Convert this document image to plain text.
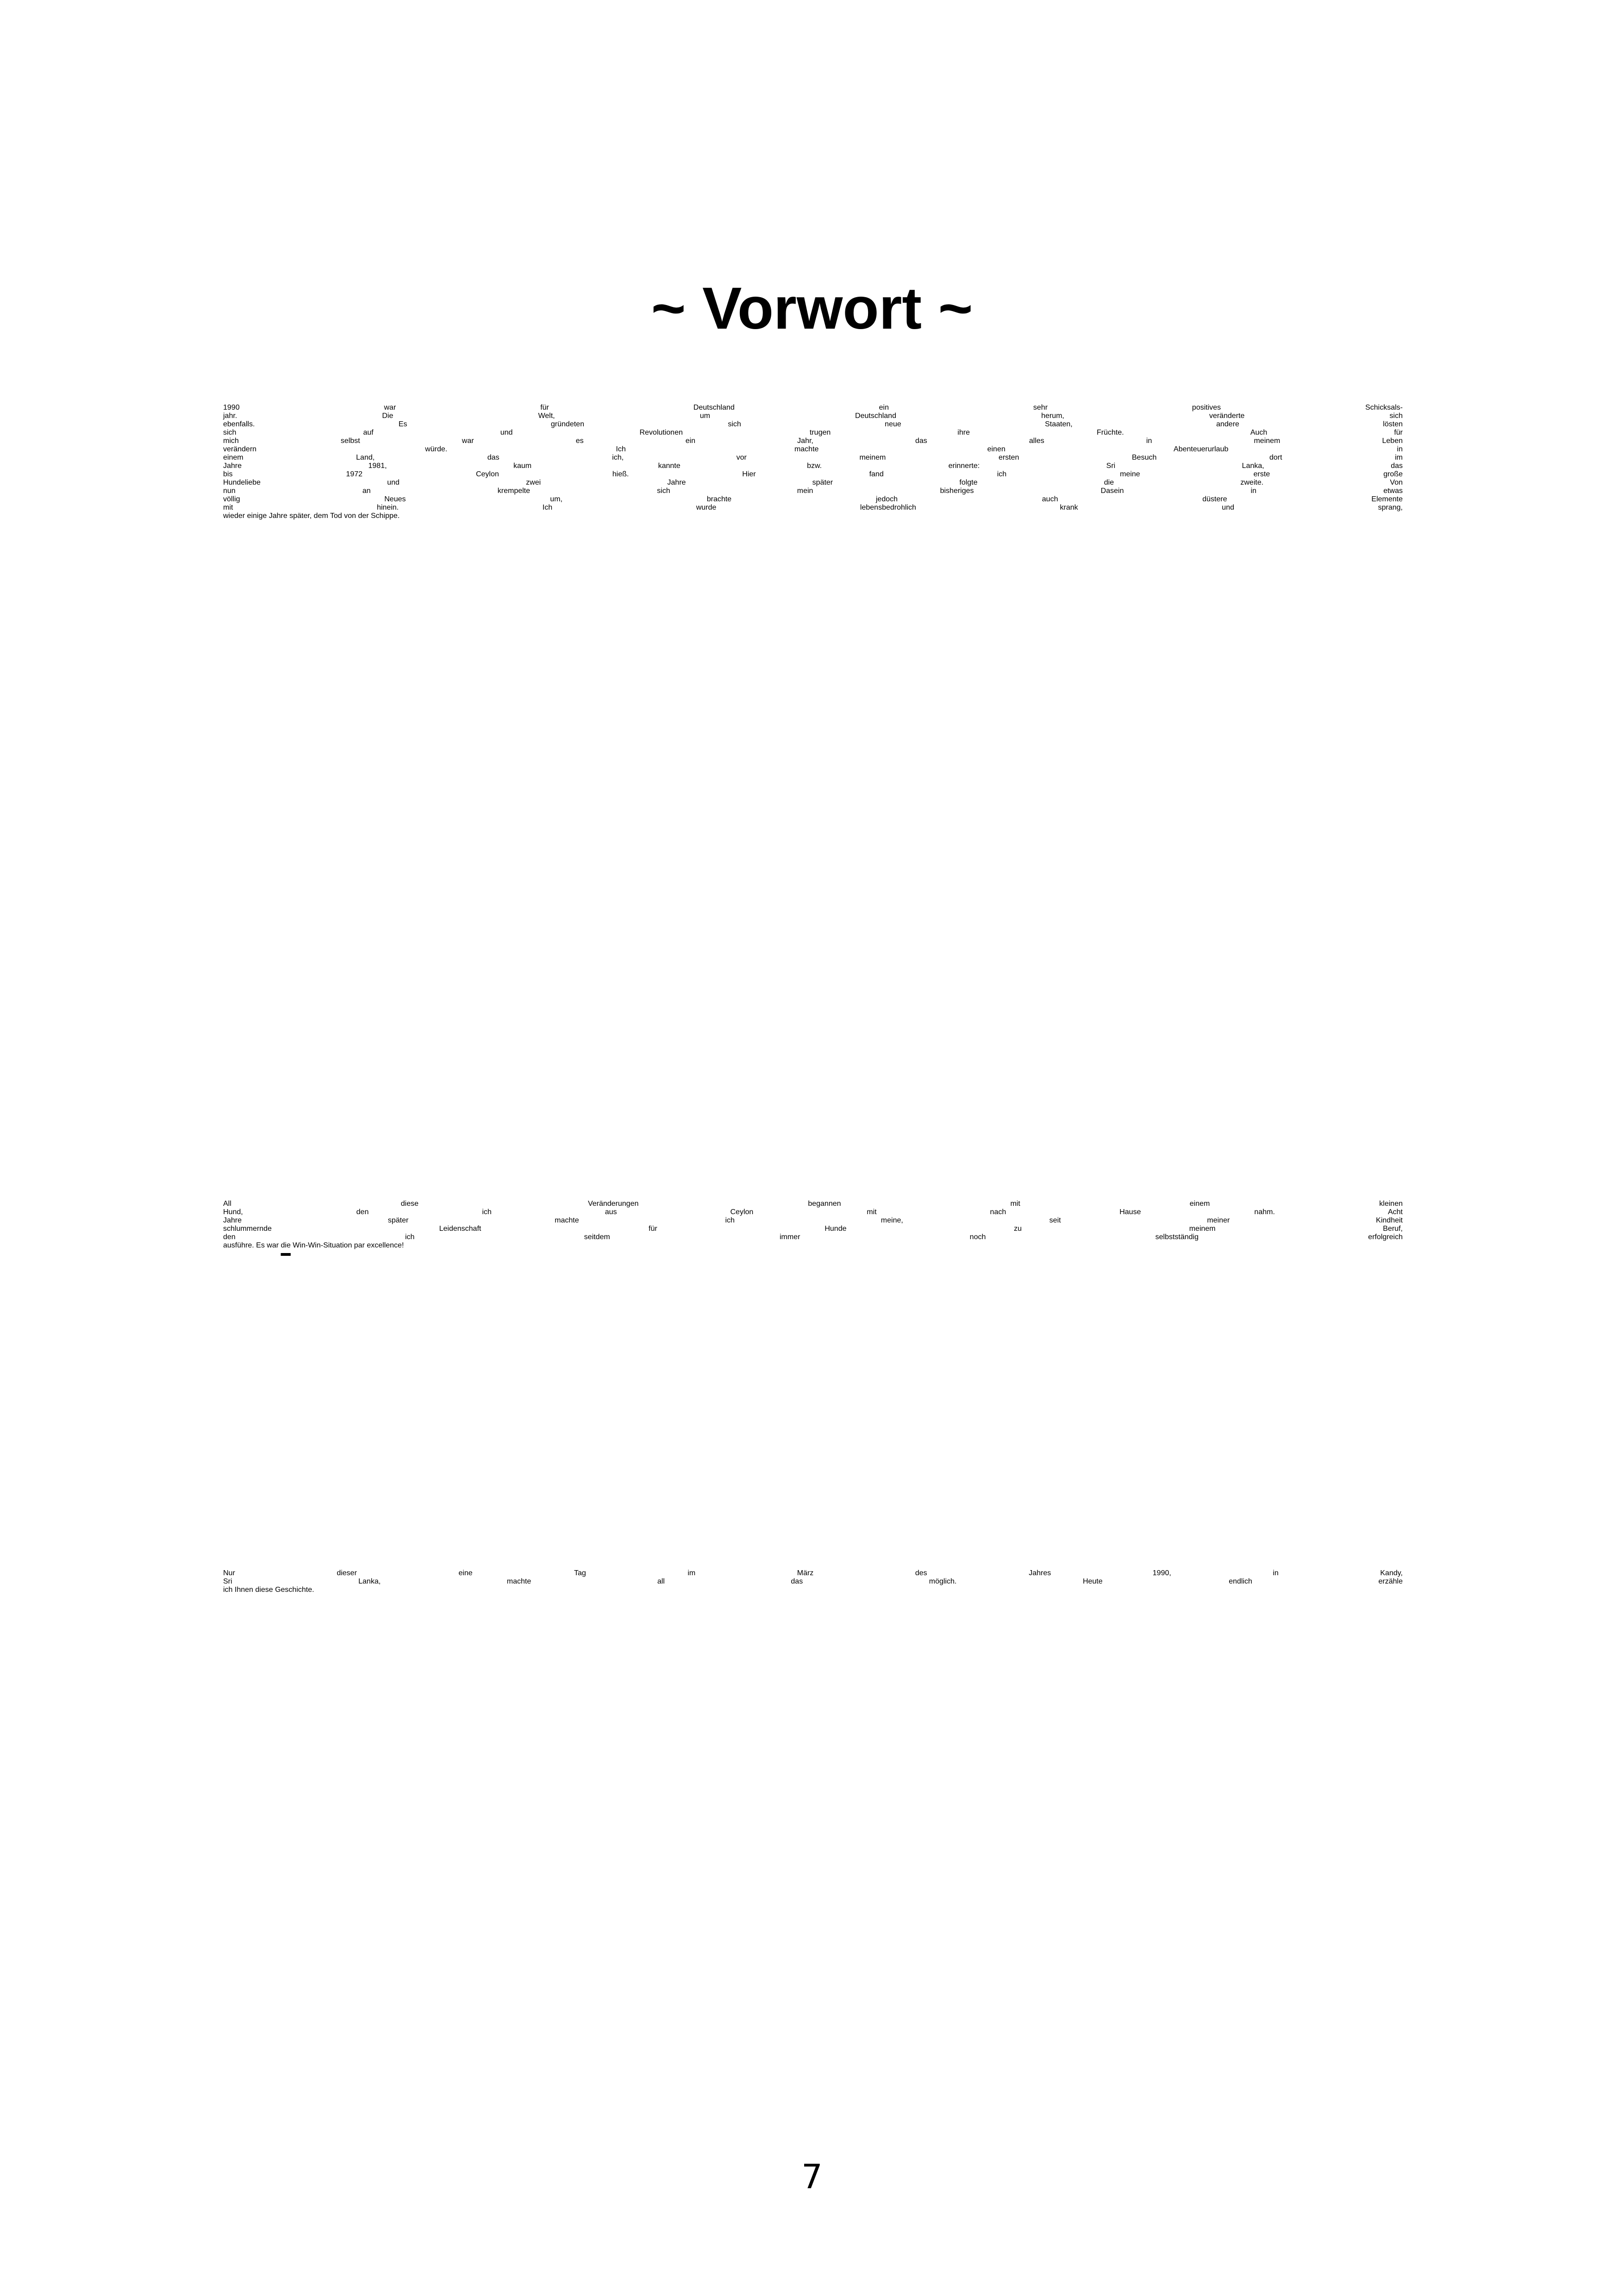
~ Vorwort ~
1990 war für Deutschland ein sehr positives Schicksals-
jahr. Die Welt, um Deutschland herum, veränderte sich
ebenfalls. Es gründeten sich neue Staaten, andere lösten
sich auf und Revolutionen trugen ihre Früchte. Auch für
mich selbst war es ein Jahr, das alles in meinem Leben
verändern würde. Ich machte einen Abenteuerurlaub in
einem Land, das ich, vor meinem ersten Besuch dort im
Jahre 1981, kaum kannte bzw. erinnerte: Sri Lanka, das
bis 1972 Ceylon hieß. Hier fand ich meine erste große
Hundeliebe und zwei Jahre später folgte die zweite. Von
nun an krempelte sich mein bisheriges Dasein in etwas
völlig Neues um, brachte jedoch auch düstere Elemente
mit hinein. Ich wurde lebensbedrohlich krank und sprang,
wieder einige Jahre später, dem Tod von der Schippe.
All diese Veränderungen begannen mit einem kleinen
Hund, den ich aus Ceylon mit nach Hause nahm. Acht
Jahre später machte ich meine, seit meiner Kindheit
schlummernde Leidenschaft für Hunde zu meinem Beruf,
den ich seitdem immer noch selbstständig erfolgreich
ausführe. Es war die Win-Win-Situation par excellence!
Nur dieser eine Tag im März des Jahres 1990, in Kandy,
Sri Lanka, machte all das möglich. Heute endlich erzähle
ich Ihnen diese Geschichte.
7
